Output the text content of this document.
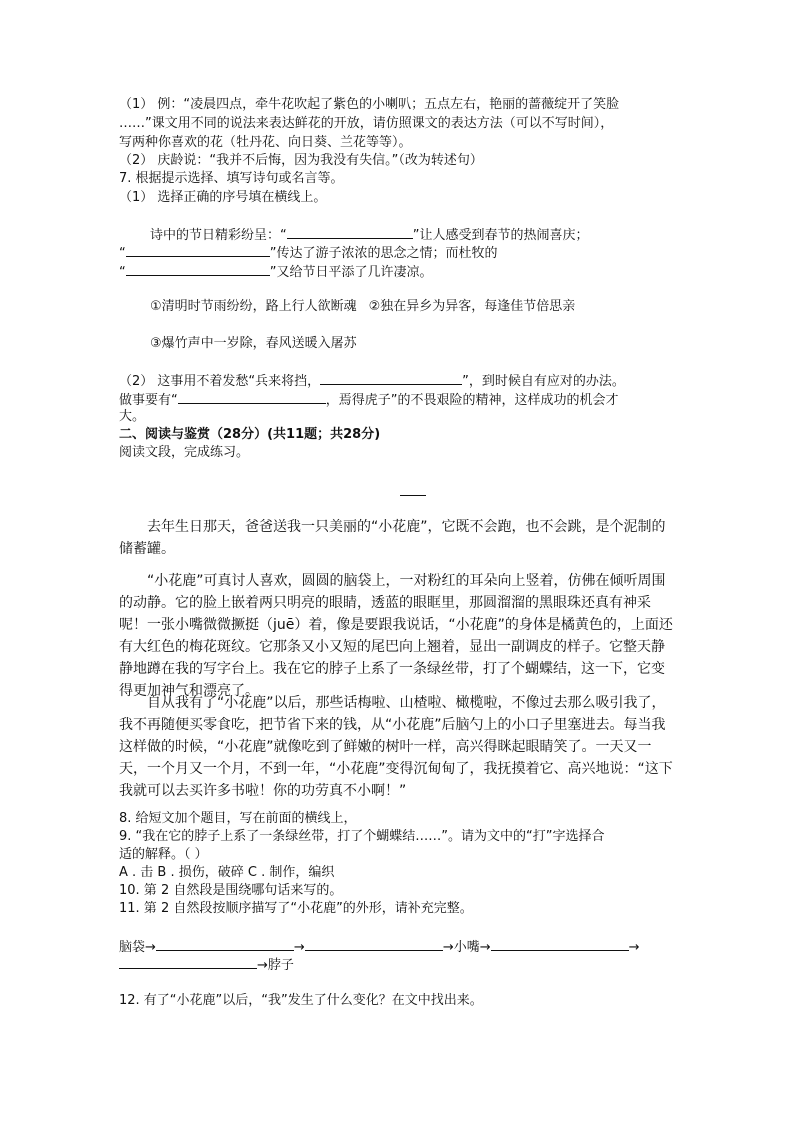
（1） 例：“凌晨四点，牵牛花吹起了紫色的小喇叭；五点左右，艳丽的蔷薇绽开了笑脸
……”课文用不同的说法来表达鲜花的开放，请仿照课文的表达方法（可以不写时间），
写两种你喜欢的花（牡丹花、向日葵、兰花等等）。
（2） 庆龄说：“我并不后悔，因为我没有失信。”（改为转述句）
7. 根据提示选择、填写诗句或名言等。
（1） 选择正确的序号填在横线上。
诗中的节日精彩纷呈：“	”让人感受到春节的热闹喜庆；
“	”传达了游子浓浓的思念之情；而杜牧的
“	”又给节日平添了几许凄凉。
①清明时节雨纷纷，路上行人欲断魂 ②独在异乡为异客，每逢佳节倍思亲
③爆竹声中一岁除，春风送暖入屠苏
（2） 这事用不着发愁“兵来将挡，	”，到时候自有应对的办法。
做事要有“	，焉得虎子”的不畏艰险的精神，这样成功的机会才
大。
二、阅读与鉴赏（28分）(共11题；共28分)
阅读文段，完成练习。

去年生日那天，爸爸送我一只美丽的“小花鹿”，它既不会跑，也不会跳，是个泥制的储蓄罐。

“小花鹿”可真讨人喜欢，圆圆的脑袋上，一对粉红的耳朵向上竖着，仿佛在倾听周围的动静。它的脸上嵌着两只明亮的眼睛，透蓝的眼眶里，那圆溜溜的黑眼珠还真有神采呢！一张小嘴微微撅挺（juē）着，像是要跟我说话，“小花鹿”的身体是橘黄色的，上面还有大红色的梅花斑纹。它那条又小又短的尾巴向上翘着，显出一副调皮的样子。它整天静静地蹲在我的写字台上。我在它的脖子上系了一条绿丝带，打了个蝴蝶结，这一下，它变得更加神气和漂亮了。

自从我有了“小花鹿”以后，那些话梅啦、山楂啦、橄榄啦，不像过去那么吸引我了，我不再随便买零食吃，把节省下来的钱，从“小花鹿”后脑勺上的小口子里塞进去。每当我这样做的时候，“小花鹿”就像吃到了鲜嫩的树叶一样，高兴得眯起眼睛笑了。一天又一天，一个月又一个月，不到一年，“小花鹿”变得沉甸甸了，我抚摸着它、高兴地说：“这下我就可以去买许多书啦！你的功劳真不小啊！”

8. 给短文加个题目，写在前面的横线上，
9. “我在它的脖子上系了一条绿丝带，打了个蝴蝶结……”。请为文中的“打”字选择合
适的解释。（ ）
A . 击 B . 损伤，破碎 C . 制作，编织
10. 第 2 自然段是围绕哪句话来写的。
11. 第 2 自然段按顺序描写了“小花鹿”的外形，请补充完整。
脑袋→	→	→小嘴→	→
→脖子
12. 有了“小花鹿”以后，“我”发生了什么变化？在文中找出来。
